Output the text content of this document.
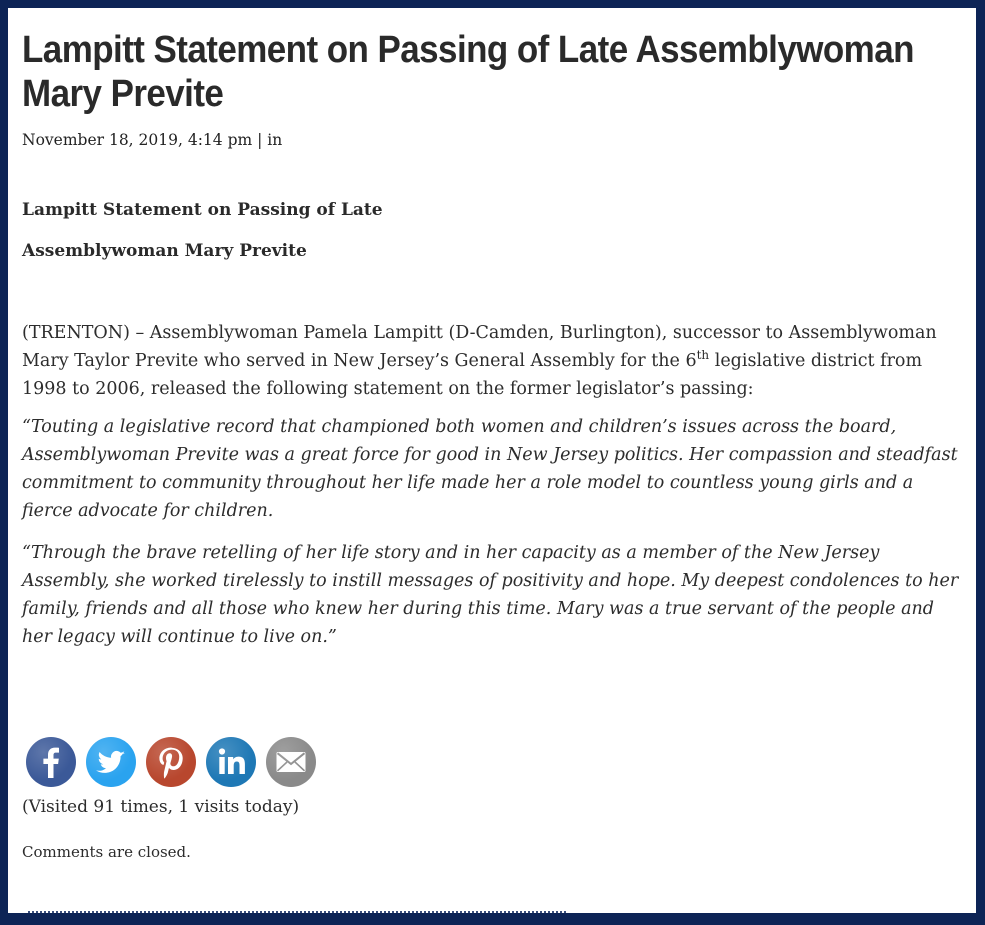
Lampitt Statement on Passing of Late Assemblywoman
Mary Previte
November 18, 2019, 4:14 pm | in

Lampitt Statement on Passing of Late

Assemblywoman Mary Previte

(TRENTON) – Assemblywoman Pamela Lampitt (D-Camden, Burlington), successor to Assemblywoman Mary Taylor Previte who served in New Jersey’s General Assembly for the 6th legislative district from 1998 to 2006, released the following statement on the former legislator’s passing:

“Touting a legislative record that championed both women and children’s issues across the board, Assemblywoman Previte was a great force for good in New Jersey politics. Her compassion and steadfast commitment to community throughout her life made her a role model to countless young girls and a fierce advocate for children.

“Through the brave retelling of her life story and in her capacity as a member of the New Jersey Assembly, she worked tirelessly to instill messages of positivity and hope. My deepest condolences to her family, friends and all those who knew her during this time. Mary was a true servant of the people and her legacy will continue to live on.”

(Visited 91 times, 1 visits today)
Comments are closed.
